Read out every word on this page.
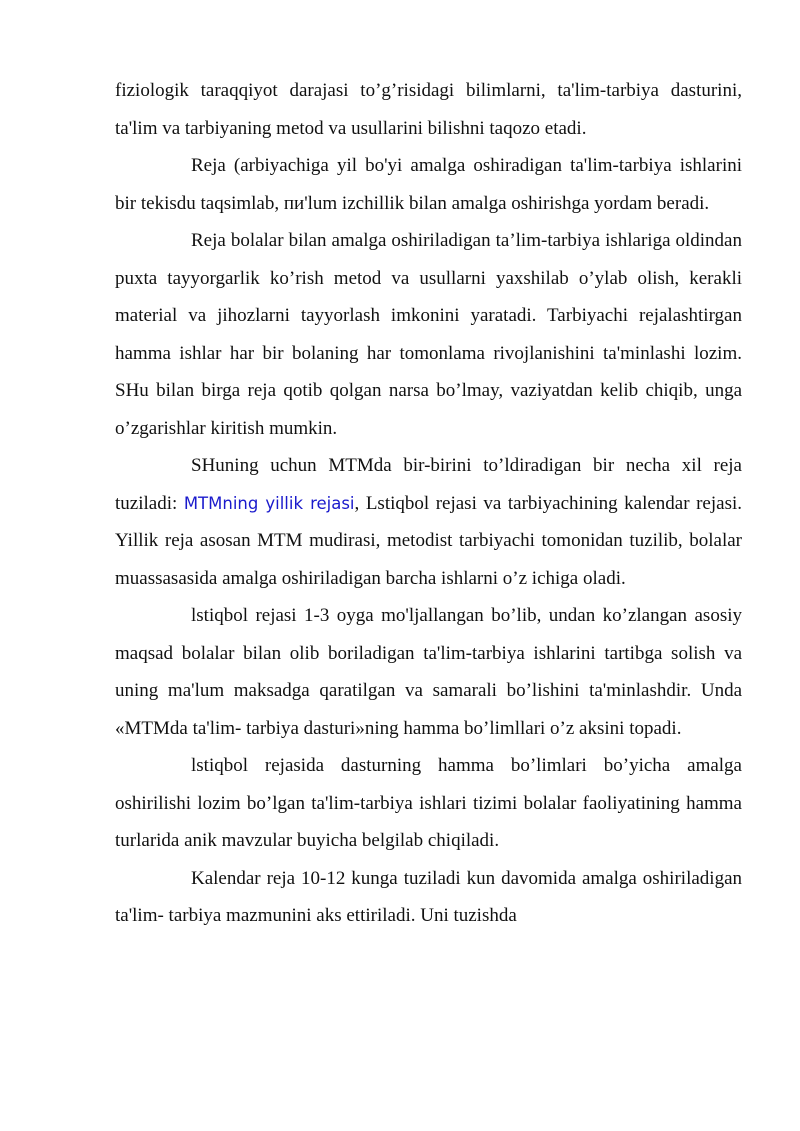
fiziologik taraqqiyot darajasi to’g’risidagi bilimlarni, ta'lim-tarbiya dasturini, ta'lim va tarbiyaning metod va usullarini bilishni taqozo etadi.

Reja (arbiyachiga yil bo'yi amalga oshiradigan ta'lim-tarbiya ishlarini bir tekisdu taqsimlab, пи'lum izchillik bilan amalga oshirishga yordam beradi.

Reja bolalar bilan amalga oshiriladigan ta’lim-tarbiya ishlariga oldindan puxta tayyorgarlik ko’rish metod va usullarni yaxshilab o’ylab olish, kerakli material va jihozlarni tayyorlash imkonini yaratadi. Tarbiyachi rejalashtirgan hamma ishlar har bir bolaning har tomonlama rivojlanishini ta'minlashi lozim. SHu bilan birga reja qotib qolgan narsa bo’lmay, vaziyatdan kelib chiqib, unga o’zgarishlar kiritish mumkin.

SHuning uchun MTMda bir-birini to’ldiradigan bir necha xil reja tuziladi: MTMning yillik rejasi, Lstiqbol rejasi va tarbiyachining kalendar rejasi. Yillik reja asosan MTM mudirasi, metodist tarbiyachi tomonidan tuzilib, bolalar muassasasida amalga oshiriladigan barcha ishlarni o’z ichiga oladi.

lstiqbol rejasi 1-3 oyga mo'ljallangan bo’lib, undan ko’zlangan asosiy maqsad bolalar bilan olib boriladigan ta'lim-tarbiya ishlarini tartibga solish va uning ma'lum maksadga qaratilgan va samarali bo’lishini ta'minlashdir. Unda «MTMda ta'lim- tarbiya dasturi»ning hamma bo’limllari o’z aksini topadi.

lstiqbol rejasida dasturning hamma bo’limlari bo’yicha amalga oshirilishi lozim bo’lgan ta'lim-tarbiya ishlari tizimi bolalar faoliyatining hamma turlarida anik mavzular buyicha belgilab chiqiladi.

Kalendar reja 10-12 kunga tuziladi kun davomida amalga oshiriladigan ta'lim- tarbiya mazmunini aks ettiriladi. Uni tuzishda
